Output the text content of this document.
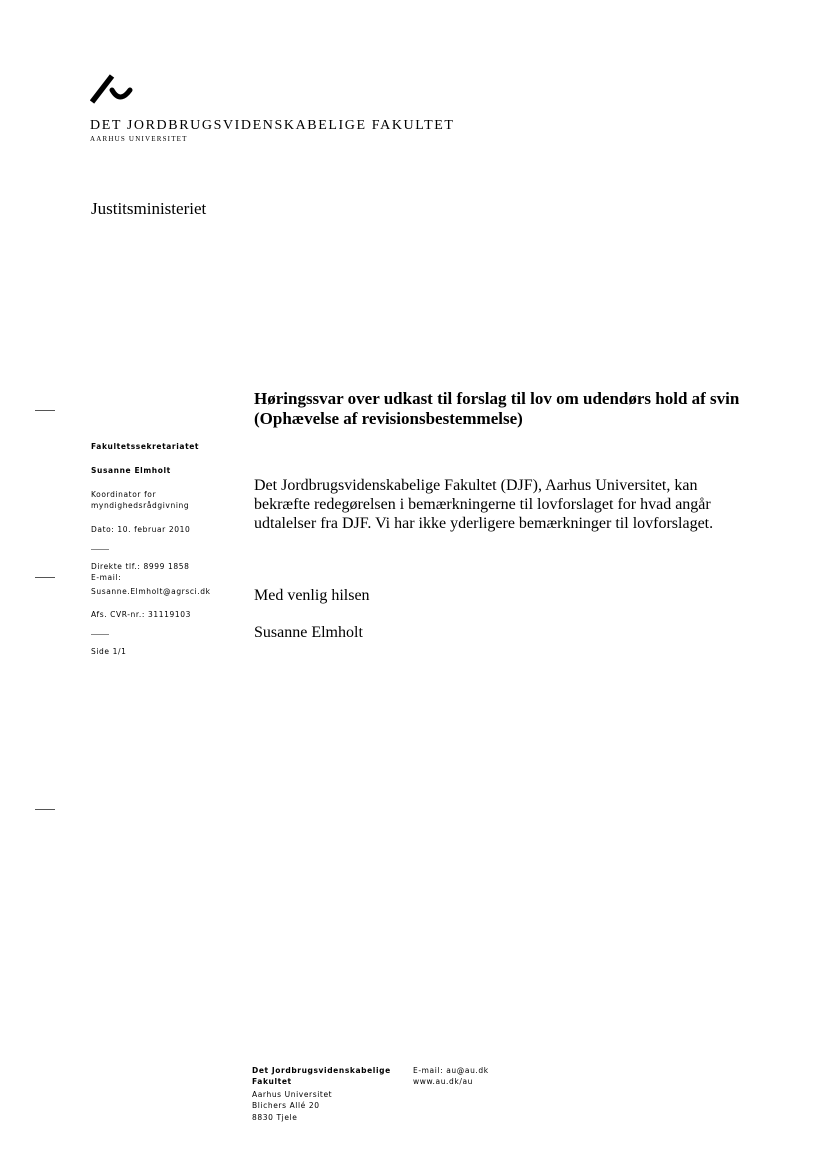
DET JORDBRUGSVIDENSKABELIGE FAKULTET
AARHUS UNIVERSITET
Justitsministeriet
Høringssvar over udkast til forslag til lov om udendørs hold af svin (Ophævelse af revisionsbestemmelse)
Fakultetssekretariatet
Susanne Elmholt
Koordinator for
myndighedsrådgivning
Dato: 10. februar 2010
Direkte tlf.: 8999 1858
E-mail:
Susanne.Elmholt@agrsci.dk
Afs. CVR-nr.: 31119103
Side 1/1

Det Jordbrugsvidenskabelige Fakultet (DJF), Aarhus Universitet, kan bekræfte redegørelsen i bemærkningerne til lovforslaget for hvad angår udtalelser fra DJF. Vi har ikke yderligere bemærkninger til lovforslaget.

Med venlig hilsen
Susanne Elmholt
Det Jordbrugsvidenskabelige
Fakultet
Aarhus Universitet
Blichers Allé 20
8830 Tjele
E-mail: au@au.dk
www.au.dk/au
